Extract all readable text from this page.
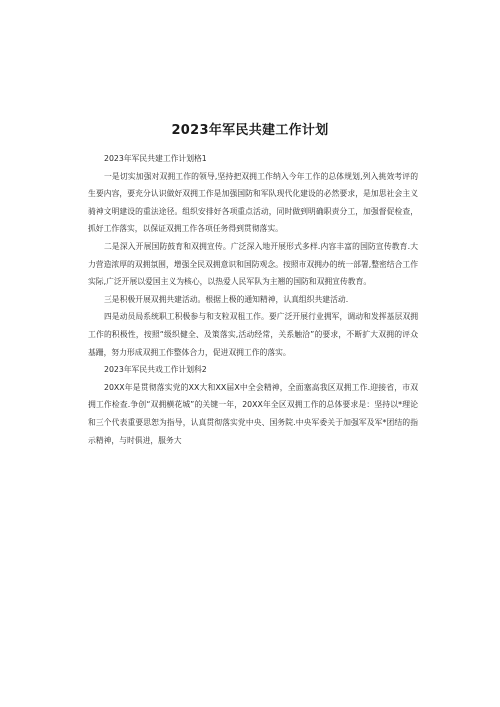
2023年军民共建工作计划

2023年军民共建工作计划格1

一是切实加强对双拥工作的领导,坚持把双拥工作纳入今年工作的总体规划,列入挑效考评的生要内容，要充分认识做好双拥工作是加强国防和军队现代化建设的必然要求，是加思社会主义骑神文明建设的重法途径。组织安排好各项重点活动，同时做到明确职责分工，加强督促检查，抓好工作落实，以保证双拥工作各项任务得到贯彻落实。

二是深入开展国防鼓育和双拥宣传。广泛深入地开展形式多样.内容丰富的国防宣传教育.大力营造浓厚的双拥氛围，增强全民双拥意识和国防观念。按照市双拥办的统一部署,整密结合工作实际,广泛开展以爱国主义为核心，以热爱人民军队为主翘的国防和双拥宣传教育。

三是积极开展双拥共建活动。根据上极的通知精神，认真组织共建活动.

四是动员局系统职工积极参与和支粒双租工作。要广泛开展行业拥军，调动和发挥基层双拥工作的积极性，按照“级织健全、及策落实,活动经常，关系触洽”的要求，不断扩大双拥的评众基跚，努力形成双拥工作整体合力，促进双拥工作的落实。

2023年军民共戏工作计划科2

20XX年是贯彻落实党的XX大和XX届X中全会精神，全面塞高我区双拥工作.迎接省，市双拥工作检查.争创“双拥横花城”的关键一年，20XX年全区双拥工作的总体要求是：坚持以*理论和三个代表重要思恕为指导，认真贯彻落实党中央、国务院.中央军委关于加强军及军*团结的指示精神，与时俱进，服务大
